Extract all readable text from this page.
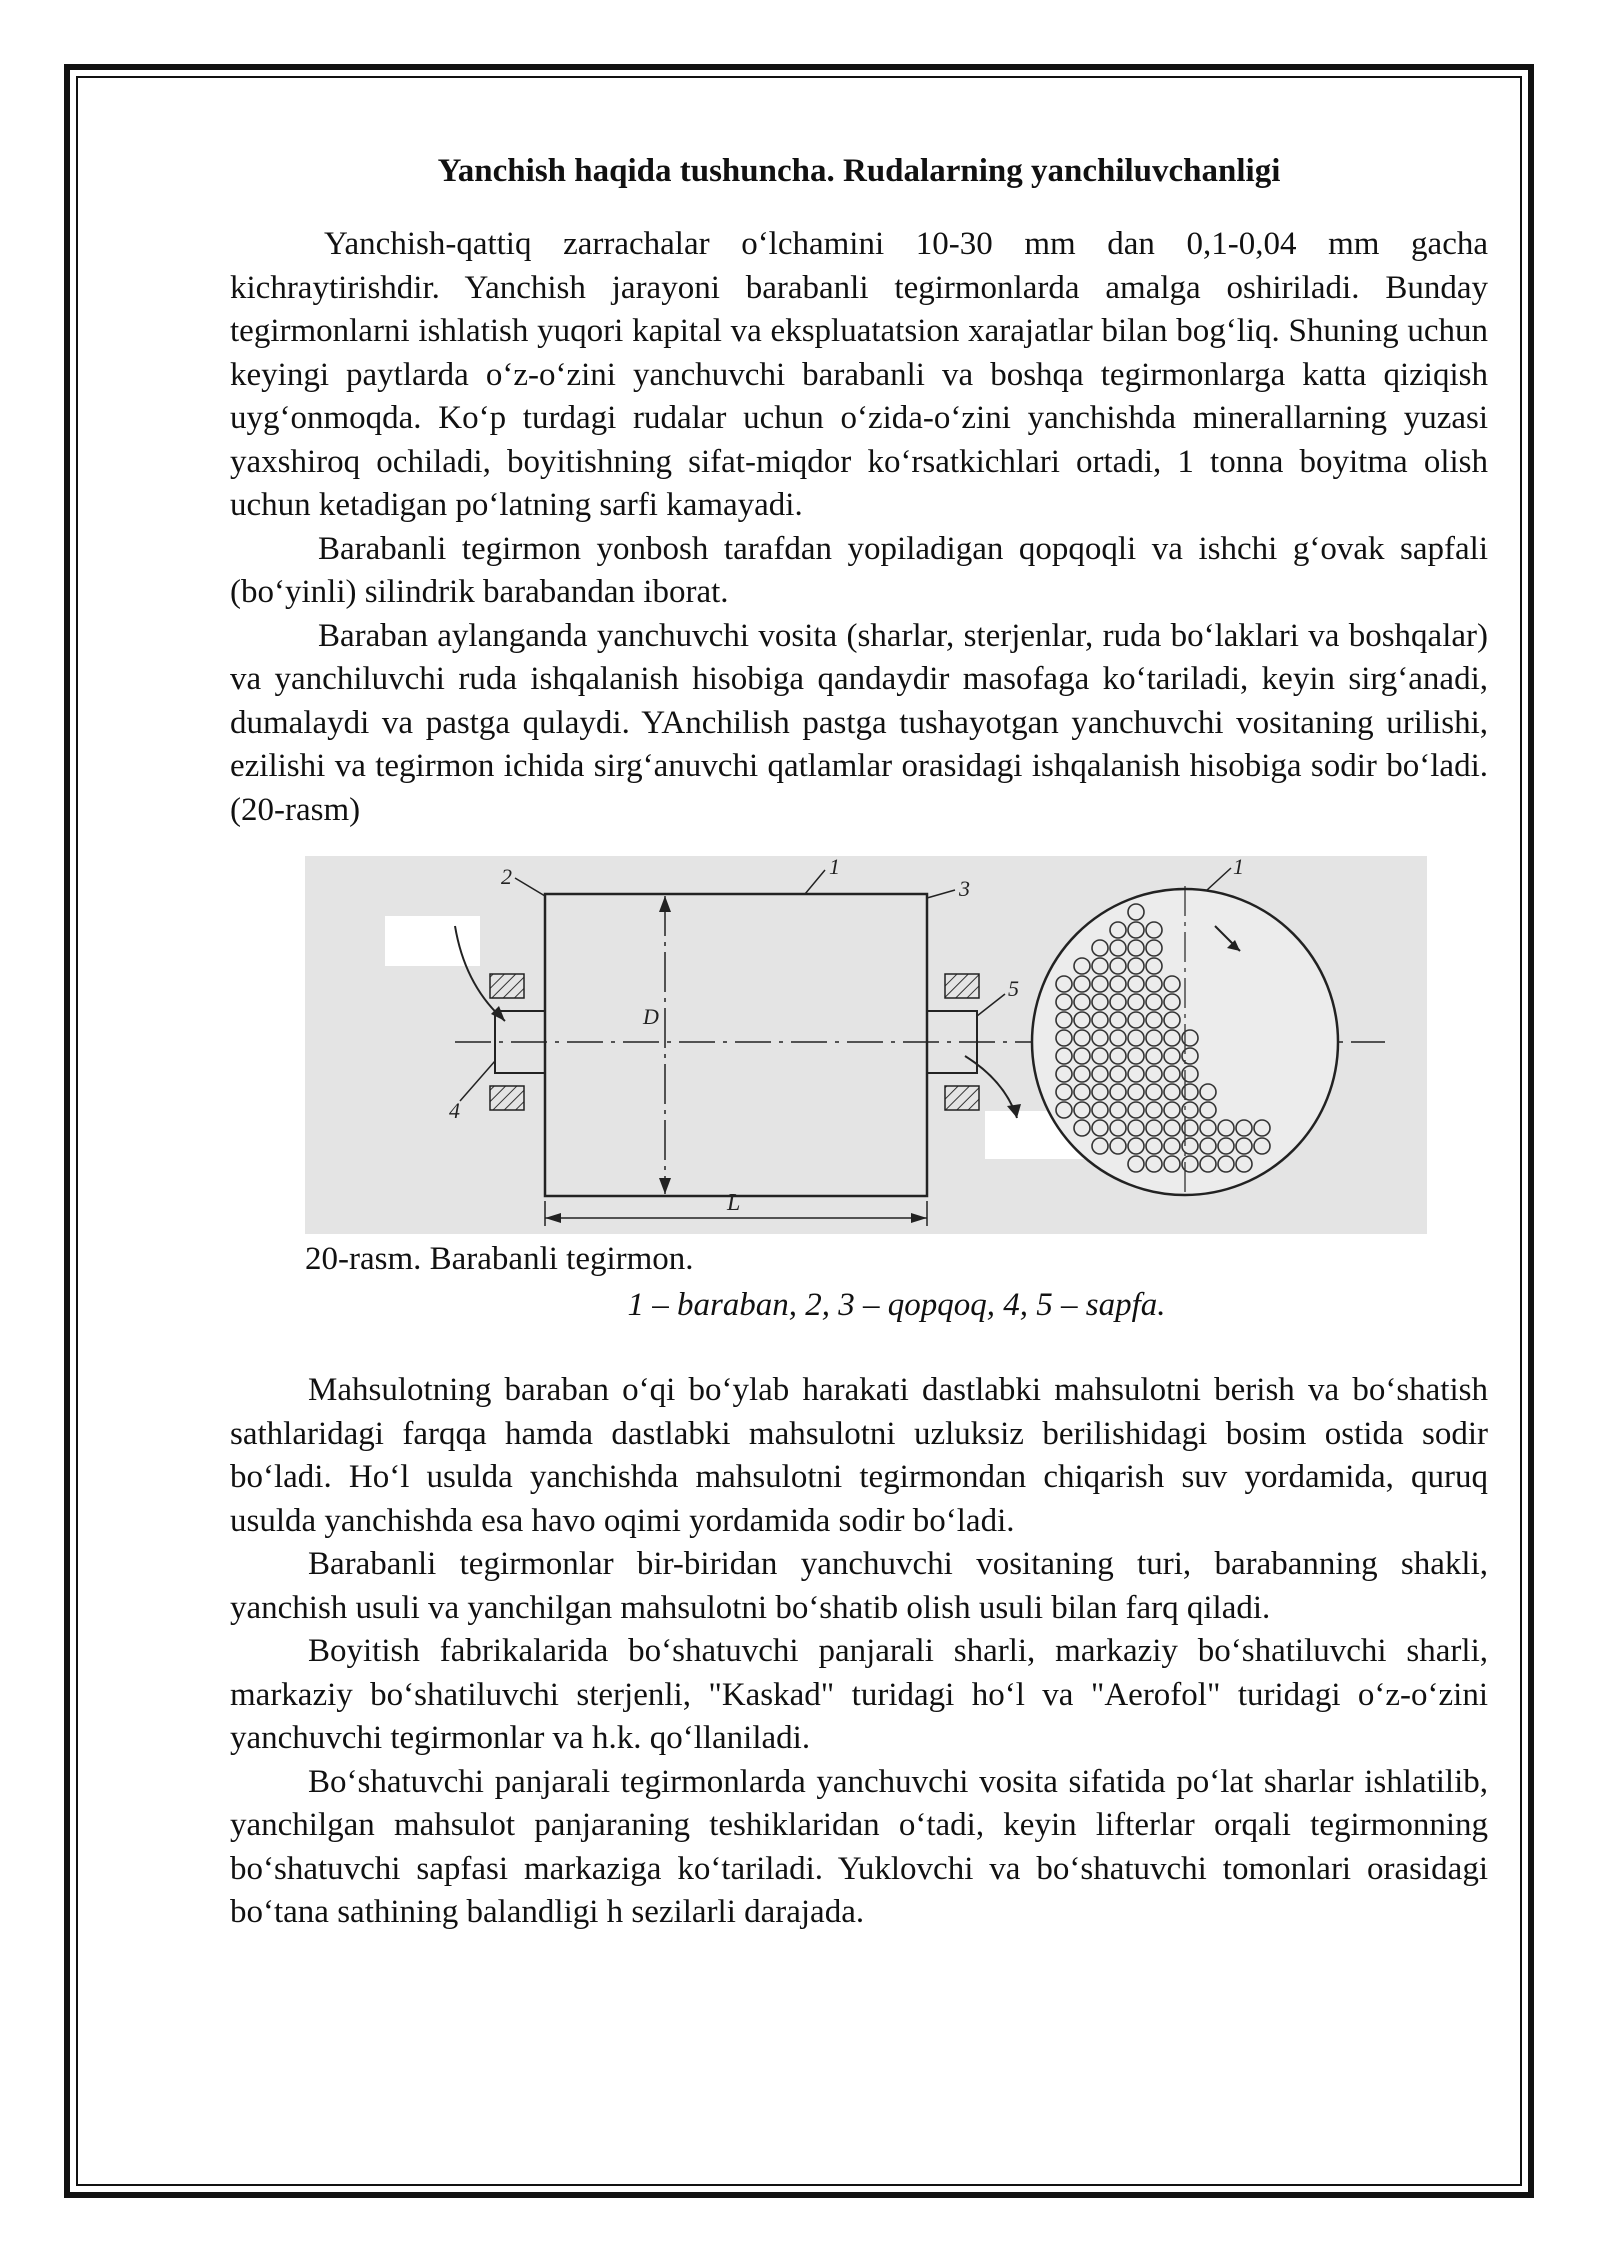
Yanchish haqida tushuncha. Rudalarning yanchiluvchanligi

Yanchish-qattiq zarrachalar o‘lchamini 10-30 mm dan 0,1-0,04 mm gacha kichraytirishdir. Yanchish jarayoni barabanli tegirmonlarda amalga oshiriladi. Bunday tegirmonlarni ishlatish yuqori kapital va ekspluatatsion xarajatlar bilan bog‘liq. Shuning uchun keyingi paytlarda o‘z-o‘zini yanchuvchi barabanli va boshqa tegirmonlarga katta qiziqish uyg‘onmoqda. Ko‘p turdagi rudalar uchun o‘zida-o‘zini yanchishda minerallarning yuzasi yaxshiroq ochiladi, boyitishning sifat-miqdor ko‘rsatkichlari ortadi, 1 tonna boyitma olish uchun ketadigan po‘latning sarfi kamayadi.

Barabanli tegirmon yonbosh tarafdan yopiladigan qopqoqli va ishchi g‘ovak sapfali (bo‘yinli) silindrik barabandan iborat.

Baraban aylanganda yanchuvchi vosita (sharlar, sterjenlar, ruda bo‘laklari va boshqalar) va yanchiluvchi ruda ishqalanish hisobiga qandaydir masofaga ko‘tariladi, keyin sirg‘anadi, dumalaydi va pastga qulaydi. YAnchilish pastga tushayotgan yanchuvchi vositaning urilishi, ezilishi va tegirmon ichida sirg‘anuvchi qatlamlar orasidagi ishqalanish hisobiga sodir bo‘ladi. (20-rasm)

1
2	3
4
5
1
D
L
20-rasm. Barabanli tegirmon.
1 – baraban, 2, 3 – qopqoq, 4, 5 – sapfa.

Mahsulotning baraban o‘qi bo‘ylab harakati dastlabki mahsulotni berish va bo‘shatish sathlaridagi farqqa hamda dastlabki mahsulotni uzluksiz berilishidagi bosim ostida sodir bo‘ladi. Ho‘l usulda yanchishda mahsulotni tegirmondan chiqarish suv yordamida, quruq usulda yanchishda esa havo oqimi yordamida sodir bo‘ladi.

Barabanli tegirmonlar bir-biridan yanchuvchi vositaning turi, barabanning shakli, yanchish usuli va yanchilgan mahsulotni bo‘shatib olish usuli bilan farq qiladi.

Boyitish fabrikalarida bo‘shatuvchi panjarali sharli, markaziy bo‘shatiluvchi sharli, markaziy bo‘shatiluvchi sterjenli, "Kaskad" turidagi ho‘l va "Aerofol" turidagi o‘z-o‘zini yanchuvchi tegirmonlar va h.k. qo‘llaniladi.

Bo‘shatuvchi panjarali tegirmonlarda yanchuvchi vosita sifatida po‘lat sharlar ishlatilib, yanchilgan mahsulot panjaraning teshiklaridan o‘tadi, keyin lifterlar orqali tegirmonning bo‘shatuvchi sapfasi markaziga ko‘tariladi. Yuklovchi va bo‘shatuvchi tomonlari orasidagi bo‘tana sathining balandligi h sezilarli darajada.
